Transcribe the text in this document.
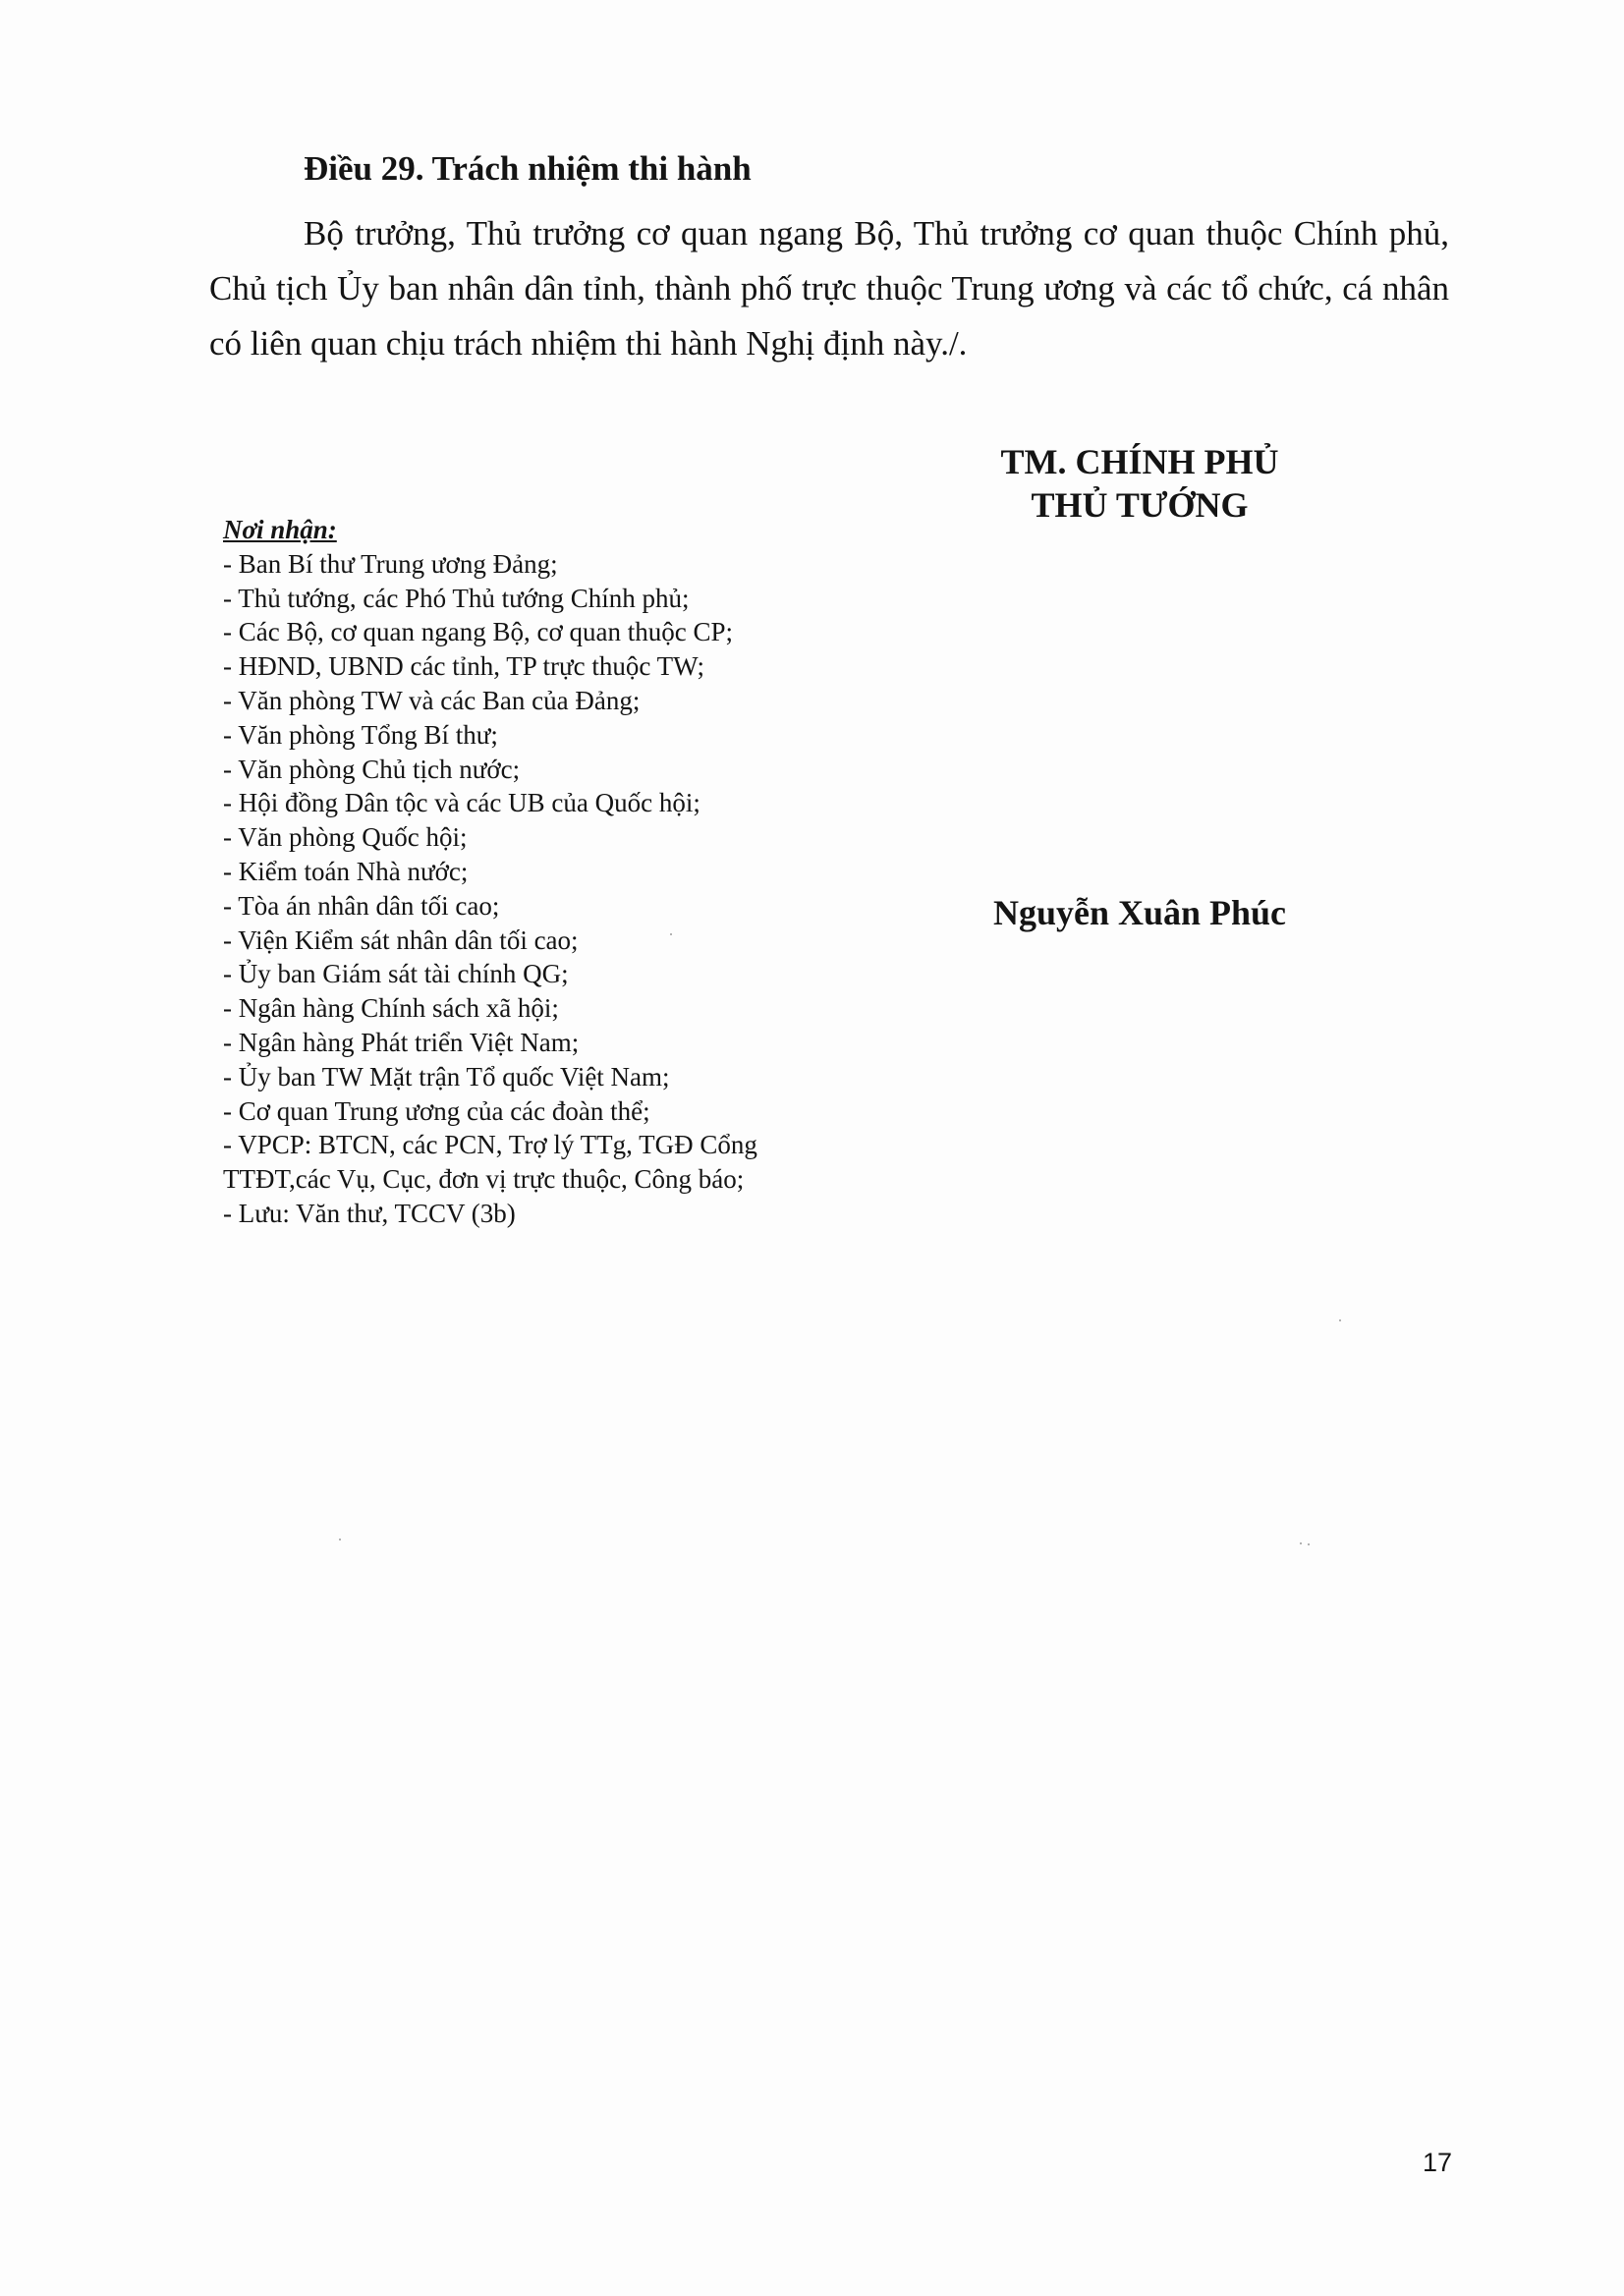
Điều 29. Trách nhiệm thi hành
Bộ trưởng, Thủ trưởng cơ quan ngang Bộ, Thủ trưởng cơ quan thuộc Chính phủ, Chủ tịch Ủy ban nhân dân tỉnh, thành phố trực thuộc Trung ương và các tổ chức, cá nhân có liên quan chịu trách nhiệm thi hành Nghị định này./.
TM. CHÍNH PHỦ
THỦ TƯỚNG
Nguyễn Xuân Phúc
Nơi nhận:
- Ban Bí thư Trung ương Đảng;
- Thủ tướng, các Phó Thủ tướng Chính phủ;
- Các Bộ, cơ quan ngang Bộ, cơ quan thuộc CP;
- HĐND, UBND các tỉnh, TP trực thuộc TW;
- Văn phòng TW và các Ban của Đảng;
- Văn phòng Tổng Bí thư;
- Văn phòng Chủ tịch nước;
- Hội đồng Dân tộc và các UB của Quốc hội;
- Văn phòng Quốc hội;
- Kiểm toán Nhà nước;
- Tòa án nhân dân tối cao;
- Viện Kiểm sát nhân dân tối cao;
- Ủy ban Giám sát tài chính QG;
- Ngân hàng Chính sách xã hội;
- Ngân hàng Phát triển Việt Nam;
- Ủy ban TW Mặt trận Tổ quốc Việt Nam;
- Cơ quan Trung ương của các đoàn thể;
- VPCP: BTCN, các PCN, Trợ lý TTg, TGĐ Cổng TTĐT,các Vụ, Cục, đơn vị trực thuộc, Công báo;
- Lưu: Văn thư, TCCV (3b)
17
